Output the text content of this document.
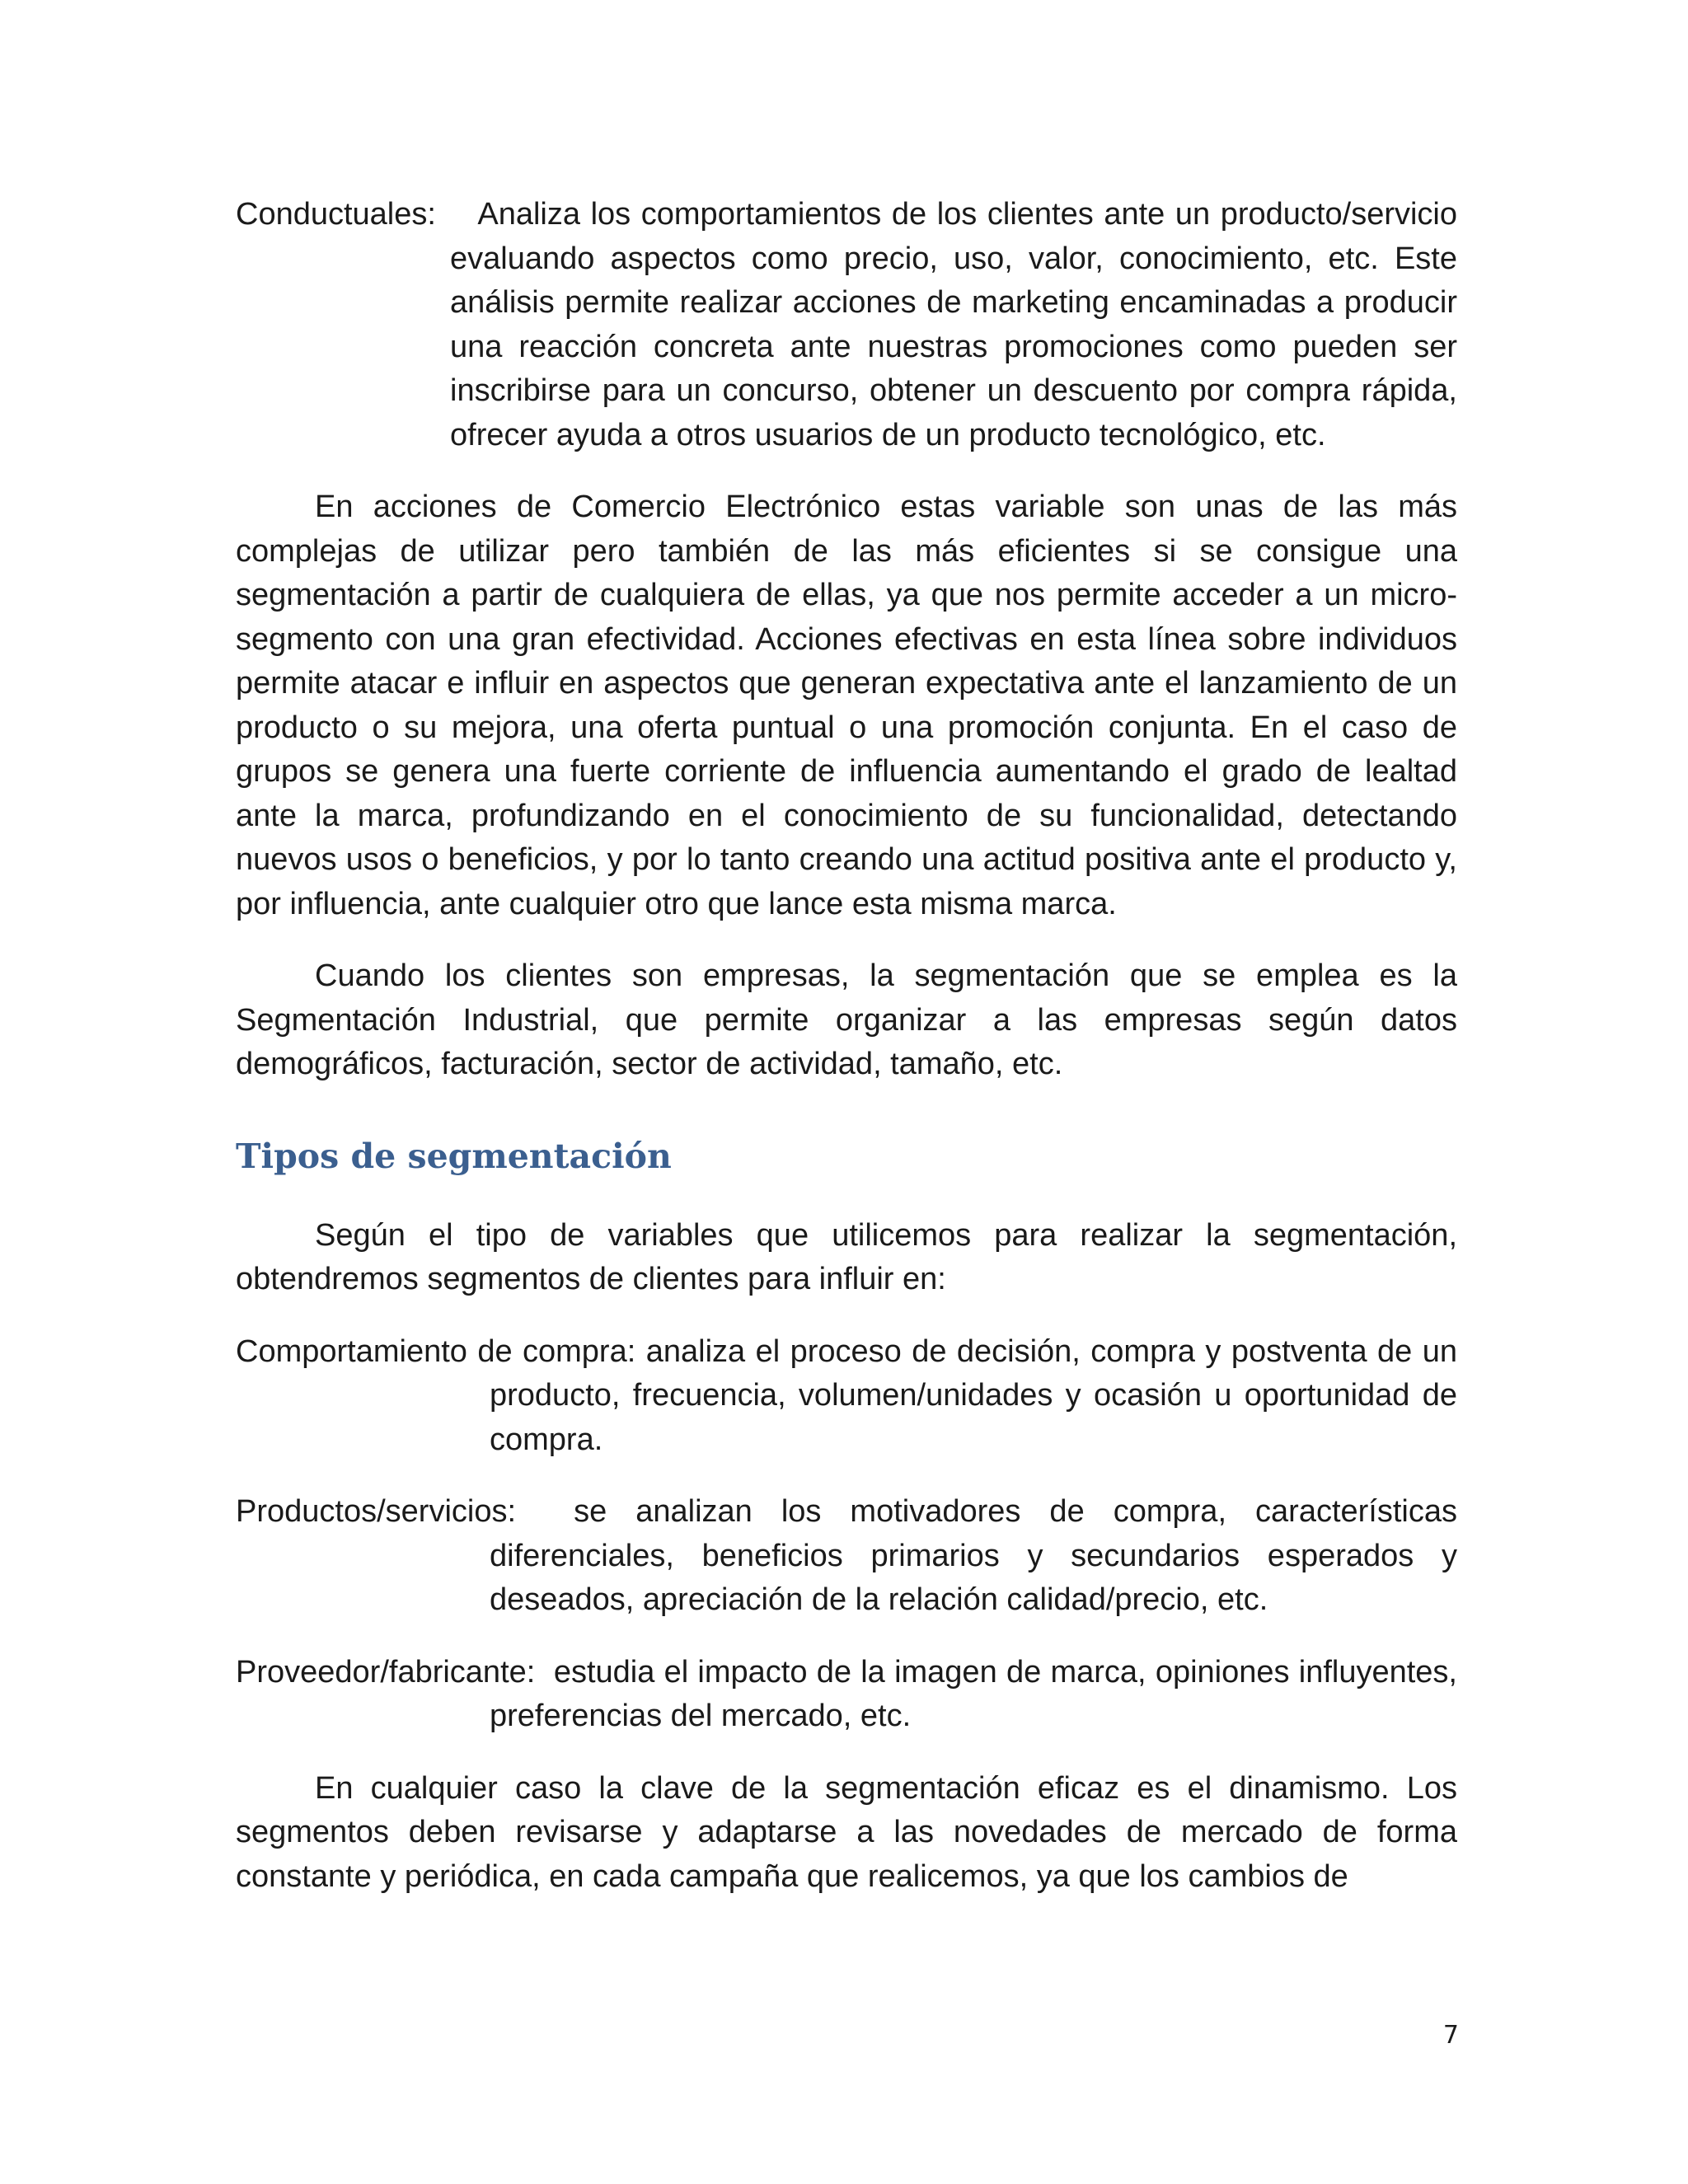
Conductuales: Analiza los comportamientos de los clientes ante un producto/servicio evaluando aspectos como precio, uso, valor, conocimiento, etc. Este análisis permite realizar acciones de marketing encaminadas a producir una reacción concreta ante nuestras promociones como pueden ser inscribirse para un concurso, obtener un descuento por compra rápida, ofrecer ayuda a otros usuarios de un producto tecnológico, etc.

En acciones de Comercio Electrónico estas variable son unas de las más complejas de utilizar pero también de las más eficientes si se consigue una segmentación a partir de cualquiera de ellas, ya que nos permite acceder a un micro-segmento con una gran efectividad. Acciones efectivas en esta línea sobre individuos permite atacar e influir en aspectos que generan expectativa ante el lanzamiento de un producto o su mejora, una oferta puntual o una promoción conjunta. En el caso de grupos se genera una fuerte corriente de influencia aumentando el grado de lealtad ante la marca, profundizando en el conocimiento de su funcionalidad, detectando nuevos usos o beneficios, y por lo tanto creando una actitud positiva ante el producto y, por influencia, ante cualquier otro que lance esta misma marca.

Cuando los clientes son empresas, la segmentación que se emplea es la Segmentación Industrial, que permite organizar a las empresas según datos demográficos, facturación, sector de actividad, tamaño, etc.

Tipos de segmentación

Según el tipo de variables que utilicemos para realizar la segmentación, obtendremos segmentos de clientes para influir en:

Comportamiento de compra: analiza el proceso de decisión, compra y postventa de un producto, frecuencia, volumen/unidades y ocasión u oportunidad de compra.

Productos/servicios: se analizan los motivadores de compra, características diferenciales, beneficios primarios y secundarios esperados y deseados, apreciación de la relación calidad/precio, etc.

Proveedor/fabricante: estudia el impacto de la imagen de marca, opiniones influyentes, preferencias del mercado, etc.

En cualquier caso la clave de la segmentación eficaz es el dinamismo. Los segmentos deben revisarse y adaptarse a las novedades de mercado de forma constante y periódica, en cada campaña que realicemos, ya que los cambios de

7
